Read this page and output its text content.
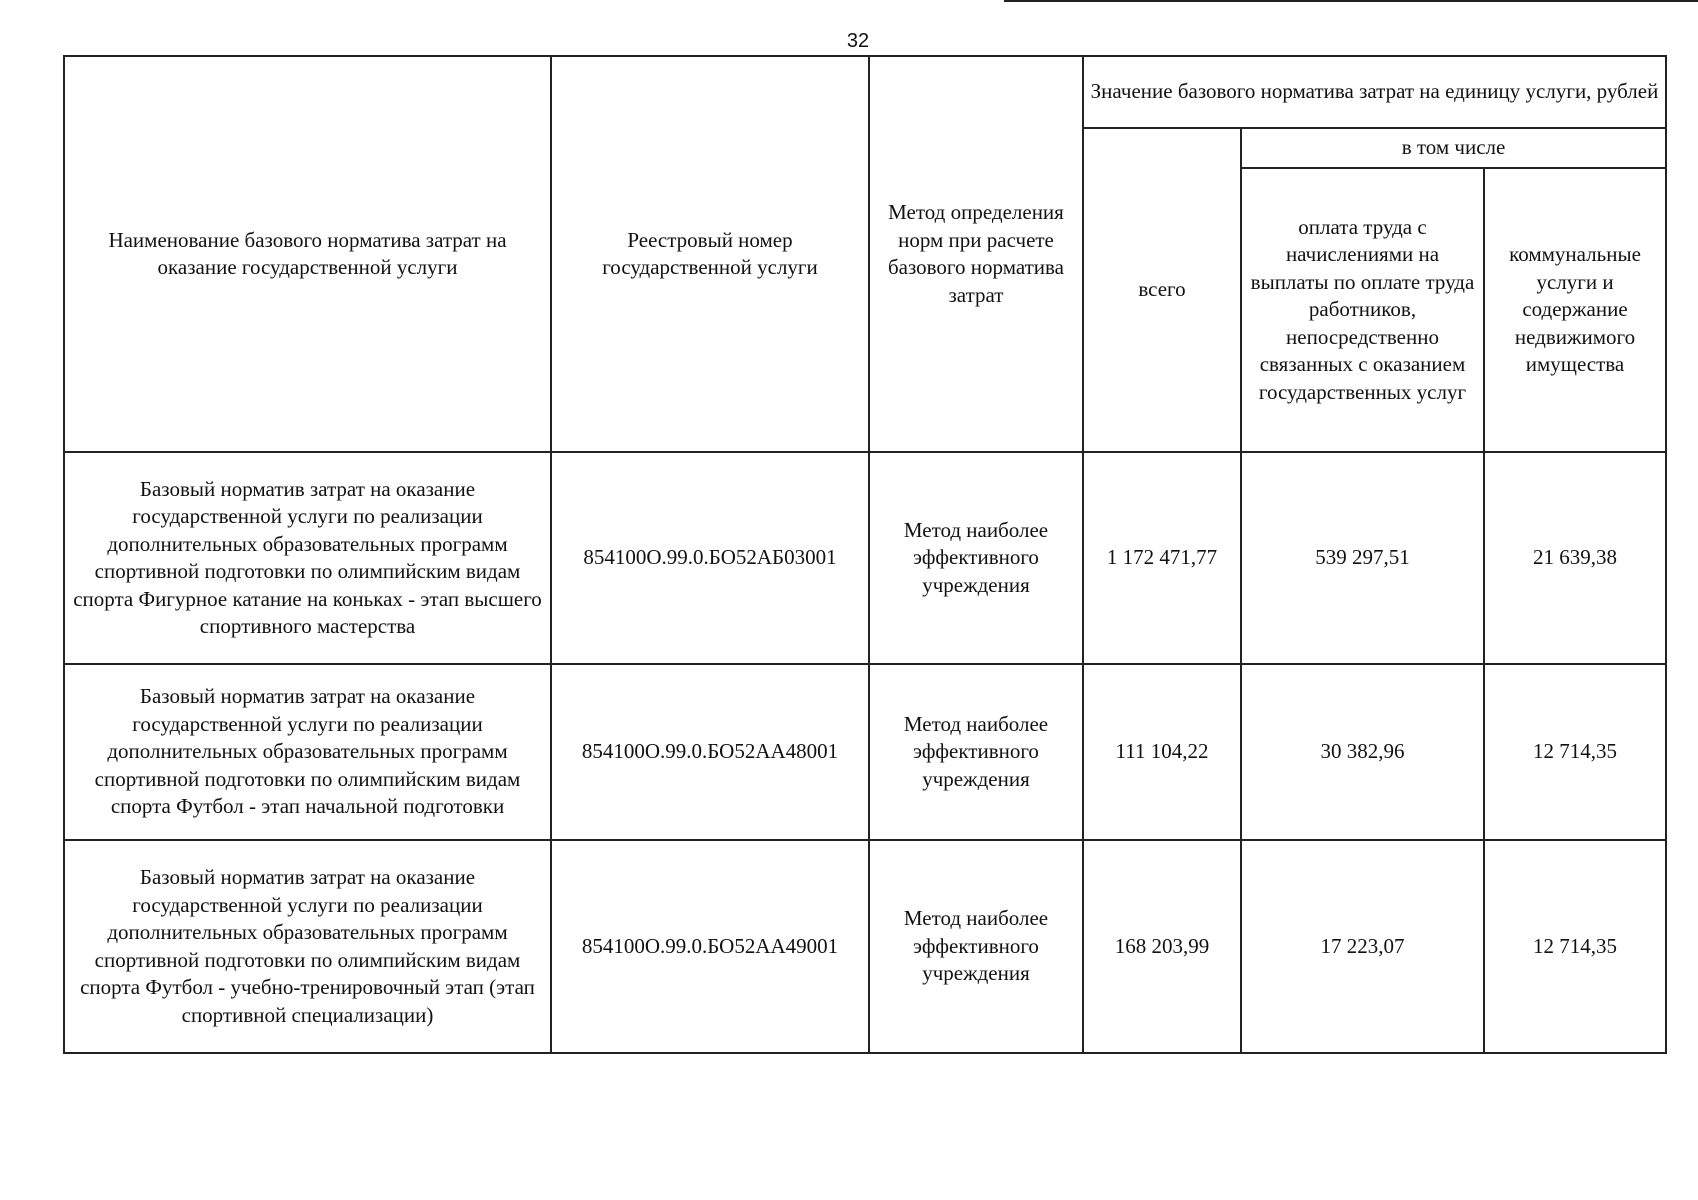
32
Наименование базового норматива затрат на оказание государственной услуги	Реестровый номер государственной услуги	Метод определения норм при расчете базового норматива затрат	Значение базового норматива затрат на единицу услуги, рублей		
			всего	в том числе	
				оплата труда с начислениями на выплаты по оплате труда работников, непосредственно связанных с оказанием государственных услуг	коммунальные услуги и содержание недвижимого имущества
Базовый норматив затрат на оказание государственной услуги по реализации дополнительных образовательных программ спортивной подготовки по олимпийским видам спорта Фигурное катание на коньках - этап высшего спортивного мастерства	854100О.99.0.БО52АБ03001	Метод наиболее эффективного учреждения	1 172 471,77	539 297,51	21 639,38
Базовый норматив затрат на оказание государственной услуги по реализации дополнительных образовательных программ спортивной подготовки по олимпийским видам спорта Футбол - этап начальной подготовки	854100О.99.0.БО52АА48001	Метод наиболее эффективного учреждения	111 104,22	30 382,96	12 714,35
Базовый норматив затрат на оказание государственной услуги по реализации дополнительных образовательных программ спортивной подготовки по олимпийским видам спорта Футбол - учебно-тренировочный этап (этап спортивной специализации)	854100О.99.0.БО52АА49001	Метод наиболее эффективного учреждения	168 203,99	17 223,07	12 714,35
